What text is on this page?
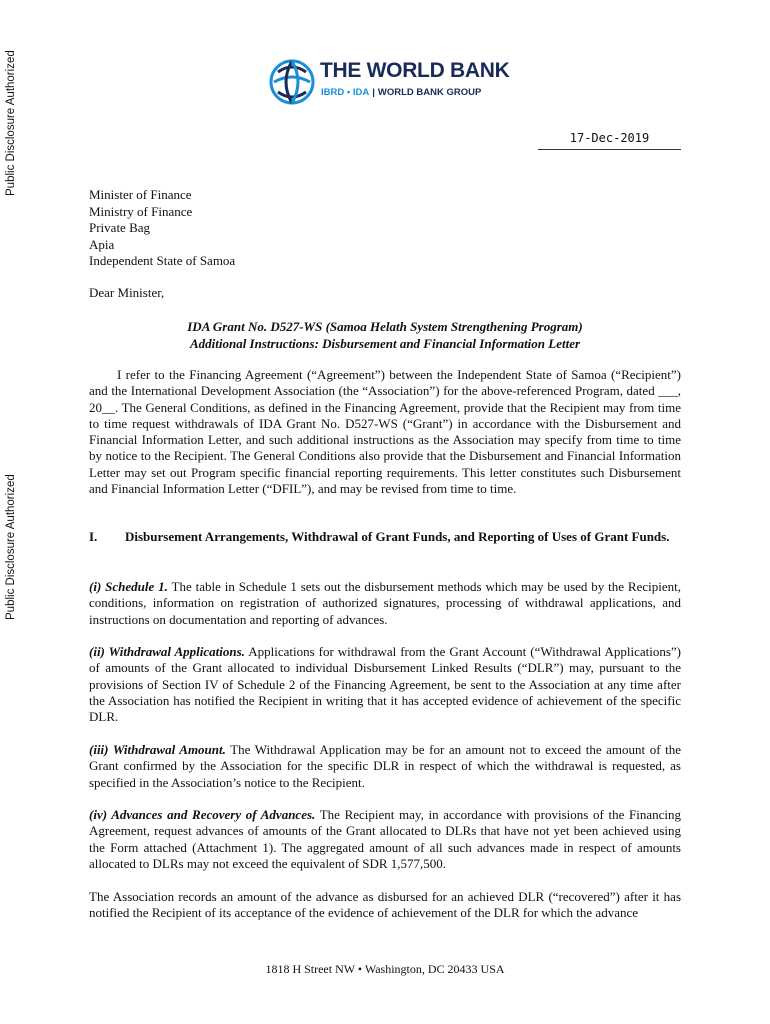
Public Disclosure Authorized
Public Disclosure Authorized
THE WORLD BANK
IBRD • IDA | WORLD BANK GROUP
17-Dec-2019
Minister of Finance
Ministry of Finance
Private Bag
Apia
Independent State of Samoa
Dear Minister,
IDA Grant No. D527-WS (Samoa Helath System Strengthening Program)
Additional Instructions: Disbursement and Financial Information Letter
I refer to the Financing Agreement (“Agreement”) between the Independent State of Samoa (“Recipient”) and the International Development Association (the “Association”) for the above-referenced Program, dated ___, 20__. The General Conditions, as defined in the Financing Agreement, provide that the Recipient may from time to time request withdrawals of IDA Grant No. D527-WS (“Grant”) in accordance with the Disbursement and Financial Information Letter, and such additional instructions as the Association may specify from time to time by notice to the Recipient. The General Conditions also provide that the Disbursement and Financial Information Letter may set out Program specific financial reporting requirements. This letter constitutes such Disbursement and Financial Information Letter (“DFIL”), and may be revised from time to time.
I. Disbursement Arrangements, Withdrawal of Grant Funds, and Reporting of Uses of Grant Funds.
(i) Schedule 1. The table in Schedule 1 sets out the disbursement methods which may be used by the Recipient, conditions, information on registration of authorized signatures, processing of withdrawal applications, and instructions on documentation and reporting of advances.
(ii) Withdrawal Applications. Applications for withdrawal from the Grant Account (“Withdrawal Applications”) of amounts of the Grant allocated to individual Disbursement Linked Results (“DLR”) may, pursuant to the provisions of Section IV of Schedule 2 of the Financing Agreement, be sent to the Association at any time after the Association has notified the Recipient in writing that it has accepted evidence of achievement of the specific DLR.
(iii) Withdrawal Amount. The Withdrawal Application may be for an amount not to exceed the amount of the Grant confirmed by the Association for the specific DLR in respect of which the withdrawal is requested, as specified in the Association’s notice to the Recipient.
(iv) Advances and Recovery of Advances. The Recipient may, in accordance with provisions of the Financing Agreement, request advances of amounts of the Grant allocated to DLRs that have not yet been achieved using the Form attached (Attachment 1). The aggregated amount of all such advances made in respect of amounts allocated to DLRs may not exceed the equivalent of SDR 1,577,500.
The Association records an amount of the advance as disbursed for an achieved DLR (“recovered”) after it has notified the Recipient of its acceptance of the evidence of achievement of the DLR for which the advance
1818 H Street NW • Washington, DC 20433 USA
